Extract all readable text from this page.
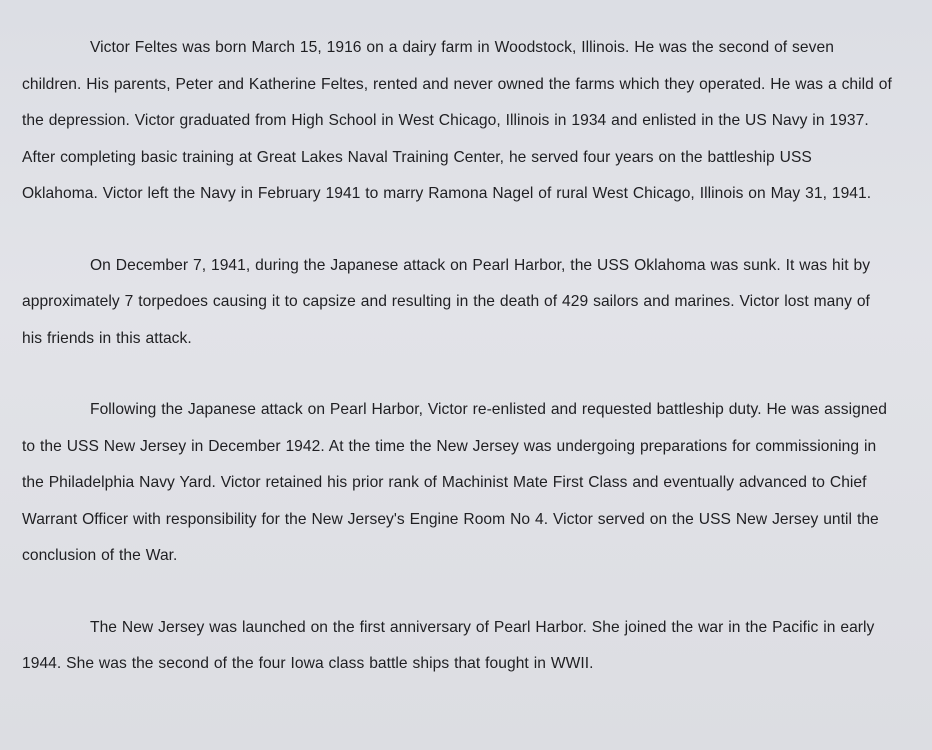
Victor Feltes was born March 15, 1916 on a dairy farm in Woodstock, Illinois. He was the second of seven children. His parents, Peter and Katherine Feltes, rented and never owned the farms which they operated. He was a child of the depression. Victor graduated from High School in West Chicago, Illinois in 1934 and enlisted in the US Navy in 1937. After completing basic training at Great Lakes Naval Training Center, he served four years on the battleship USS Oklahoma. Victor left the Navy in February 1941 to marry Ramona Nagel of rural West Chicago, Illinois on May 31, 1941.

On December 7, 1941, during the Japanese attack on Pearl Harbor, the USS Oklahoma was sunk. It was hit by approximately 7 torpedoes causing it to capsize and resulting in the death of 429 sailors and marines. Victor lost many of his friends in this attack.

Following the Japanese attack on Pearl Harbor, Victor re-enlisted and requested battleship duty. He was assigned to the USS New Jersey in December 1942. At the time the New Jersey was undergoing preparations for commissioning in the Philadelphia Navy Yard. Victor retained his prior rank of Machinist Mate First Class and eventually advanced to Chief Warrant Officer with responsibility for the New Jersey's Engine Room No 4. Victor served on the USS New Jersey until the conclusion of the War.

The New Jersey was launched on the first anniversary of Pearl Harbor. She joined the war in the Pacific in early 1944. She was the second of the four Iowa class battle ships that fought in WWII.
